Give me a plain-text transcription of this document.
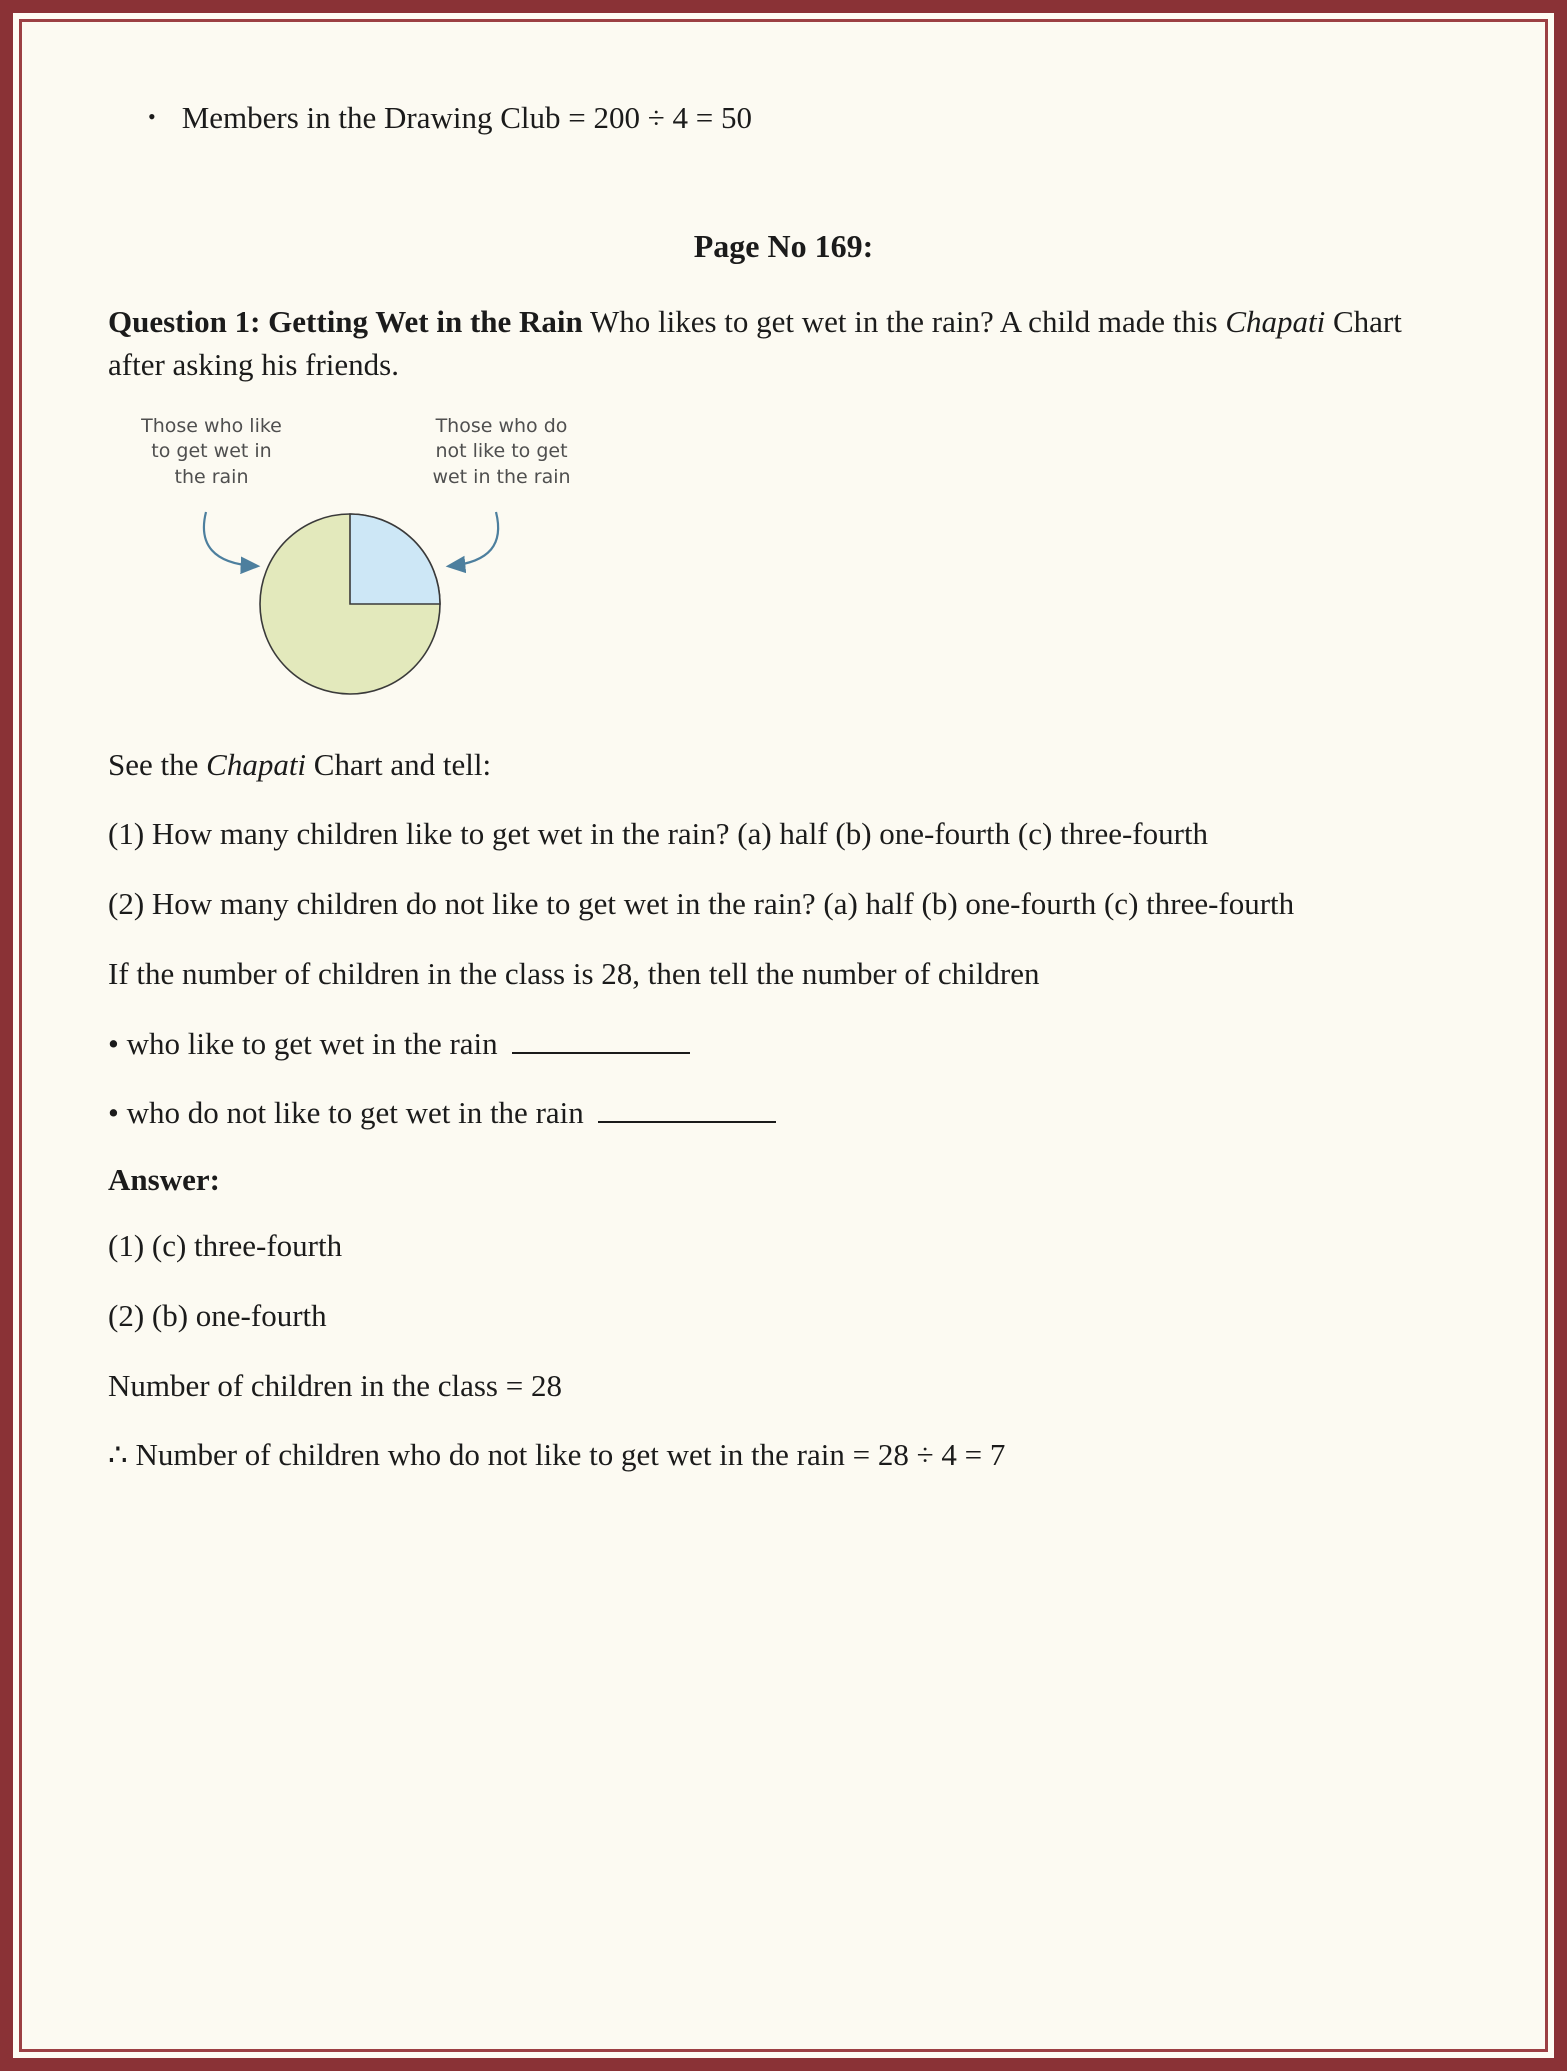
• Members in the Drawing Club = 200 ÷ 4 = 50
Page No 169:

Question 1: Getting Wet in the Rain Who likes to get wet in the rain? A child made this Chapati Chart after asking his friends.

Those who like
to get wet in
the rain
Those who do
not like to get
wet in the rain

See the Chapati Chart and tell:

(1) How many children like to get wet in the rain? (a) half (b) one-fourth (c) three-fourth

(2) How many children do not like to get wet in the rain? (a) half (b) one-fourth (c) three-fourth

If the number of children in the class is 28, then tell the number of children

• who like to get wet in the rain

• who do not like to get wet in the rain

Answer:

(1) (c) three-fourth

(2) (b) one-fourth

Number of children in the class = 28

∴ Number of children who do not like to get wet in the rain = 28 ÷ 4 = 7
